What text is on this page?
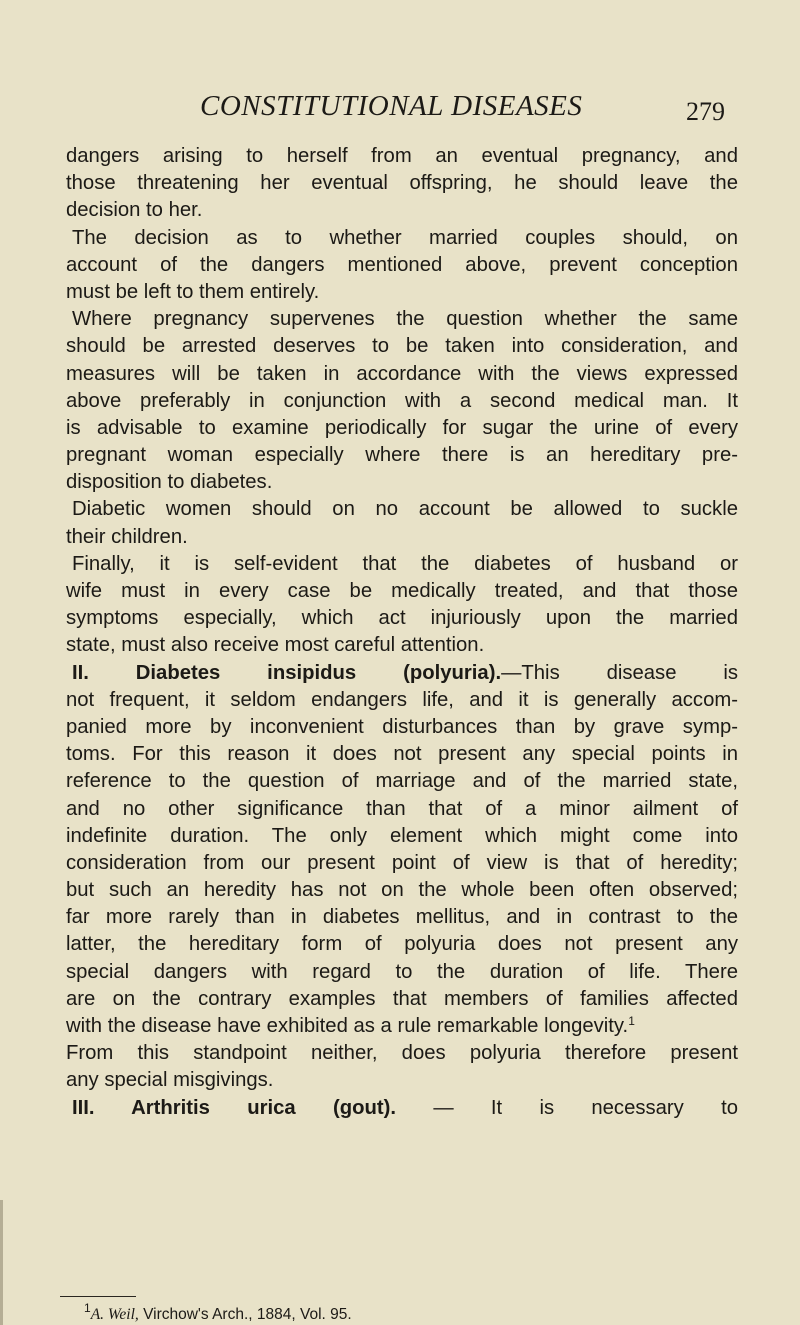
CONSTITUTIONAL DISEASES	279
dangers arising to herself from an eventual pregnancy, and
those threatening her eventual offspring, he should leave the
decision to her.
The decision as to whether married couples should, on
account of the dangers mentioned above, prevent conception
must be left to them entirely.
Where pregnancy supervenes the question whether the same
should be arrested deserves to be taken into consideration, and
measures will be taken in accordance with the views expressed
above preferably in conjunction with a second medical man. It
is advisable to examine periodically for sugar the urine of every
pregnant woman especially where there is an hereditary pre-
disposition to diabetes.
Diabetic women should on no account be allowed to suckle
their children.
Finally, it is self-evident that the diabetes of husband or
wife must in every case be medically treated, and that those
symptoms especially, which act injuriously upon the married
state, must also receive most careful attention.
II. Diabetes insipidus (polyuria).—This disease is
not frequent, it seldom endangers life, and it is generally accom-
panied more by inconvenient disturbances than by grave symp-
toms. For this reason it does not present any special points in
reference to the question of marriage and of the married state,
and no other significance than that of a minor ailment of
indefinite duration. The only element which might come into
consideration from our present point of view is that of heredity;
but such an heredity has not on the whole been often observed;
far more rarely than in diabetes mellitus, and in contrast to the
latter, the hereditary form of polyuria does not present any
special dangers with regard to the duration of life. There
are on the contrary examples that members of families affected
with the disease have exhibited as a rule remarkable longevity.$^1$
From this standpoint neither, does polyuria therefore present
any special misgivings.
III. Arthritis urica (gout). — It is necessary to
$^1$A. Weil, Virchow's Arch., 1884, Vol. 95.
